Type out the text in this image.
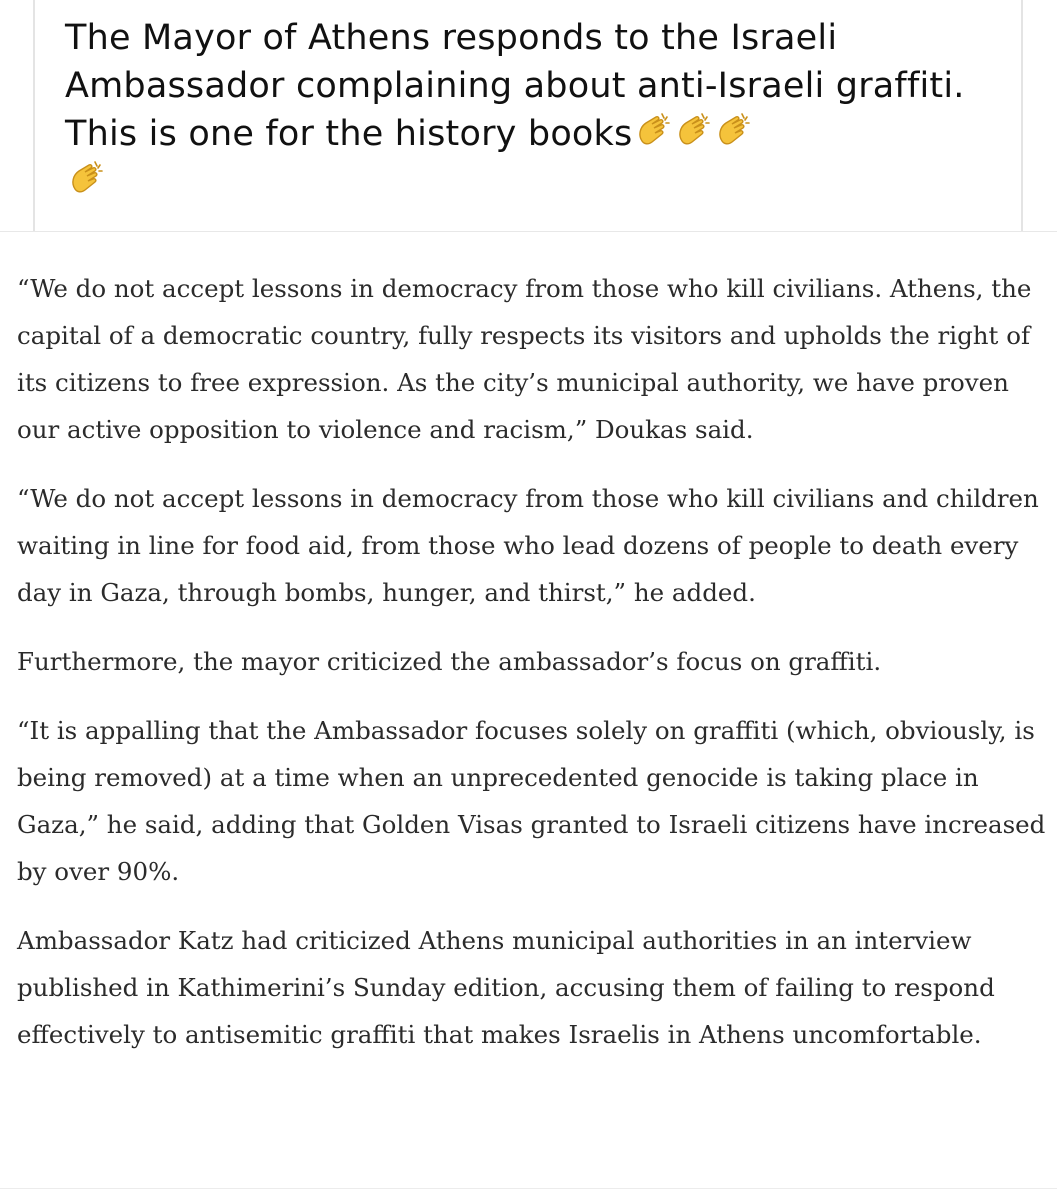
The Mayor of Athens responds to the Israeli Ambassador complaining about anti-Israeli graffiti. This is one for the history books

“We do not accept lessons in democracy from those who kill civilians. Athens, the capital of a democratic country, fully respects its visitors and upholds the right of its citizens to free expression. As the city’s municipal authority, we have proven our active opposition to violence and racism,” Doukas said.

“We do not accept lessons in democracy from those who kill civilians and children waiting in line for food aid, from those who lead dozens of people to death every day in Gaza, through bombs, hunger, and thirst,” he added.

Furthermore, the mayor criticized the ambassador’s focus on graffiti.

“It is appalling that the Ambassador focuses solely on graffiti (which, obviously, is being removed) at a time when an unprecedented genocide is taking place in Gaza,” he said, adding that Golden Visas granted to Israeli citizens have increased by over 90%.

Ambassador Katz had criticized Athens municipal authorities in an interview published in Kathimerini’s Sunday edition, accusing them of failing to respond effectively to antisemitic graffiti that makes Israelis in Athens uncomfortable.
